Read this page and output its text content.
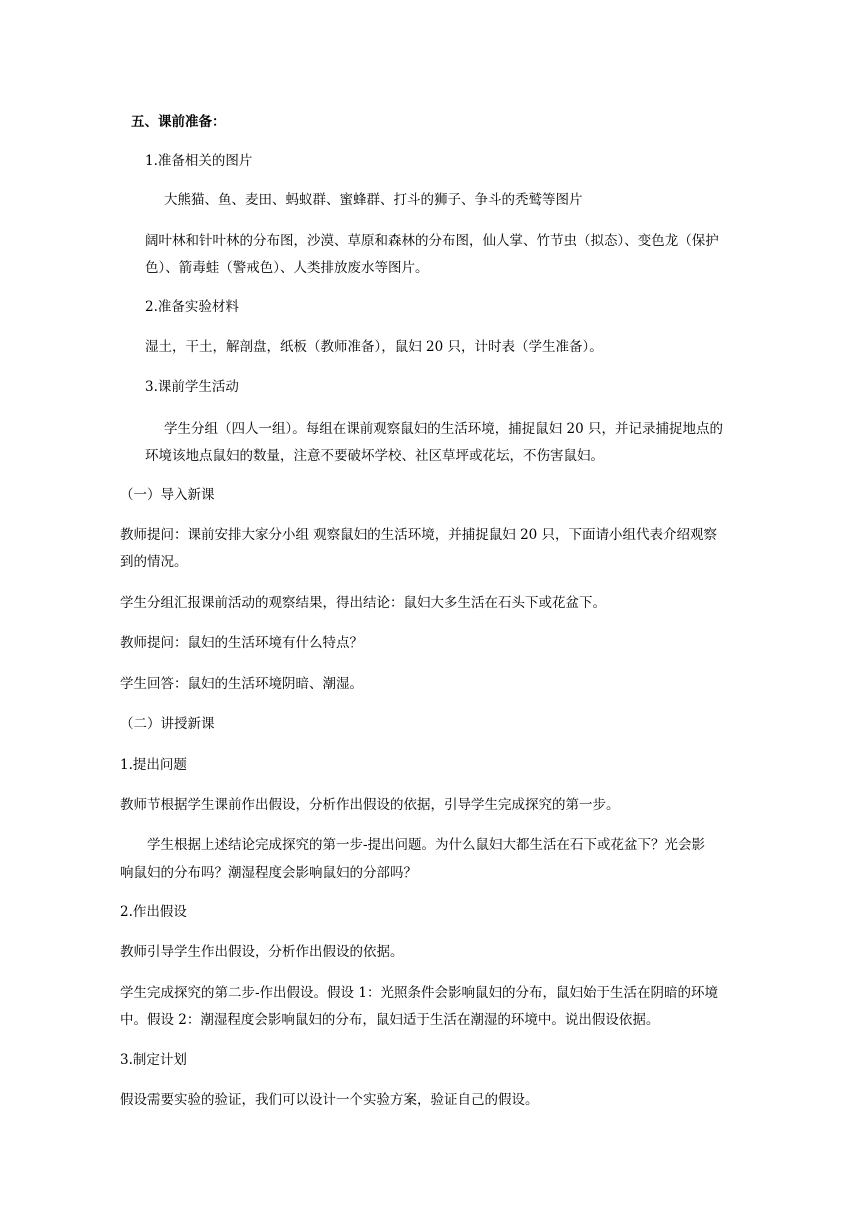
五、课前准备：
1.准备相关的图片
大熊猫、鱼、麦田、蚂蚁群、蜜蜂群、打斗的狮子、争斗的秃鹫等图片
阔叶林和针叶林的分布图，沙漠、草原和森林的分布图，仙人掌、竹节虫（拟态）、变色龙（保护
色）、箭毒蛙（警戒色）、人类排放废水等图片。
2.准备实验材料
湿土，干土，解剖盘，纸板（教师准备），鼠妇 20 只，计时表（学生准备）。
3.课前学生活动
学生分组（四人一组）。每组在课前观察鼠妇的生活环境，捕捉鼠妇 20 只，并记录捕捉地点的
环境该地点鼠妇的数量，注意不要破坏学校、社区草坪或花坛，不伤害鼠妇。
（一）导入新课
教师提问：课前安排大家分小组 观察鼠妇的生活环境，并捕捉鼠妇 20 只，下面请小组代表介绍观察
到的情况。
学生分组汇报课前活动的观察结果，得出结论：鼠妇大多生活在石头下或花盆下。
教师提问：鼠妇的生活环境有什么特点？
学生回答：鼠妇的生活环境阴暗、潮湿。
（二）讲授新课
1.提出问题
教师节根据学生课前作出假设，分析作出假设的依据，引导学生完成探究的第一步。
学生根据上述结论完成探究的第一步-提出问题。为什么鼠妇大都生活在石下或花盆下？光会影
响鼠妇的分布吗？潮湿程度会影响鼠妇的分部吗？
2.作出假设
教师引导学生作出假设，分析作出假设的依据。
学生完成探究的第二步-作出假设。假设 1：光照条件会影响鼠妇的分布，鼠妇始于生活在阴暗的环境
中。假设 2：潮湿程度会影响鼠妇的分布，鼠妇适于生活在潮湿的环境中。说出假设依据。
3.制定计划
假设需要实验的验证，我们可以设计一个实验方案，验证自己的假设。
